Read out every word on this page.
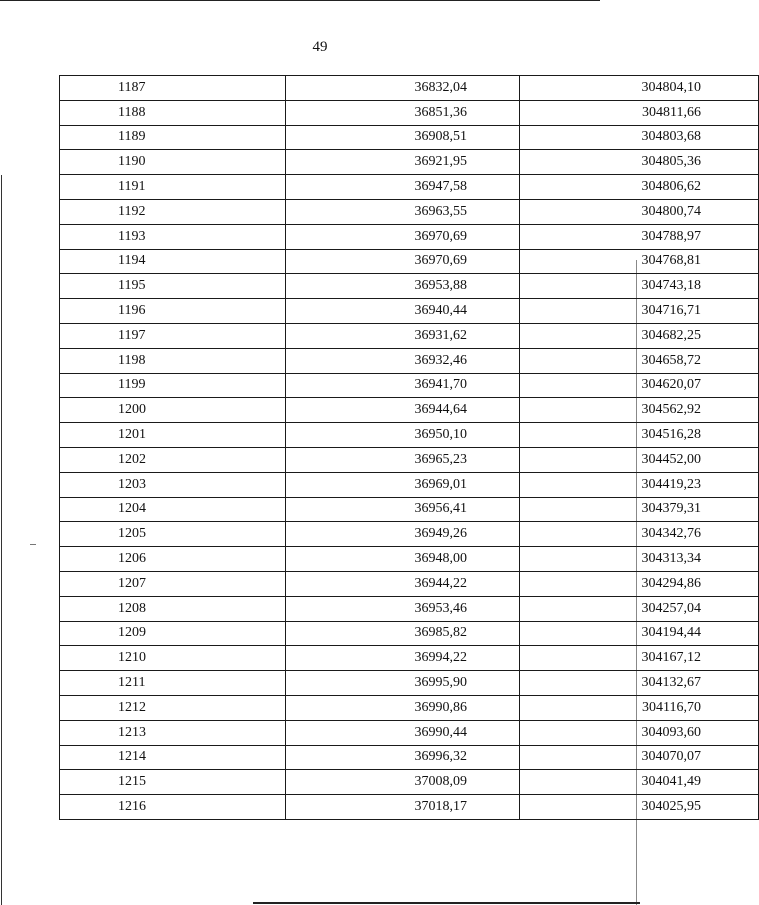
49
1187	36832,04	304804,10
1188	36851,36	304811,66
1189	36908,51	304803,68
1190	36921,95	304805,36
1191	36947,58	304806,62
1192	36963,55	304800,74
1193	36970,69	304788,97
1194	36970,69	304768,81
1195	36953,88	304743,18
1196	36940,44	304716,71
1197	36931,62	304682,25
1198	36932,46	304658,72
1199	36941,70	304620,07
1200	36944,64	304562,92
1201	36950,10	304516,28
1202	36965,23	304452,00
1203	36969,01	304419,23
1204	36956,41	304379,31
1205	36949,26	304342,76
1206	36948,00	304313,34
1207	36944,22	304294,86
1208	36953,46	304257,04
1209	36985,82	304194,44
1210	36994,22	304167,12
1211	36995,90	304132,67
1212	36990,86	304116,70
1213	36990,44	304093,60
1214	36996,32	304070,07
1215	37008,09	304041,49
1216	37018,17	304025,95
